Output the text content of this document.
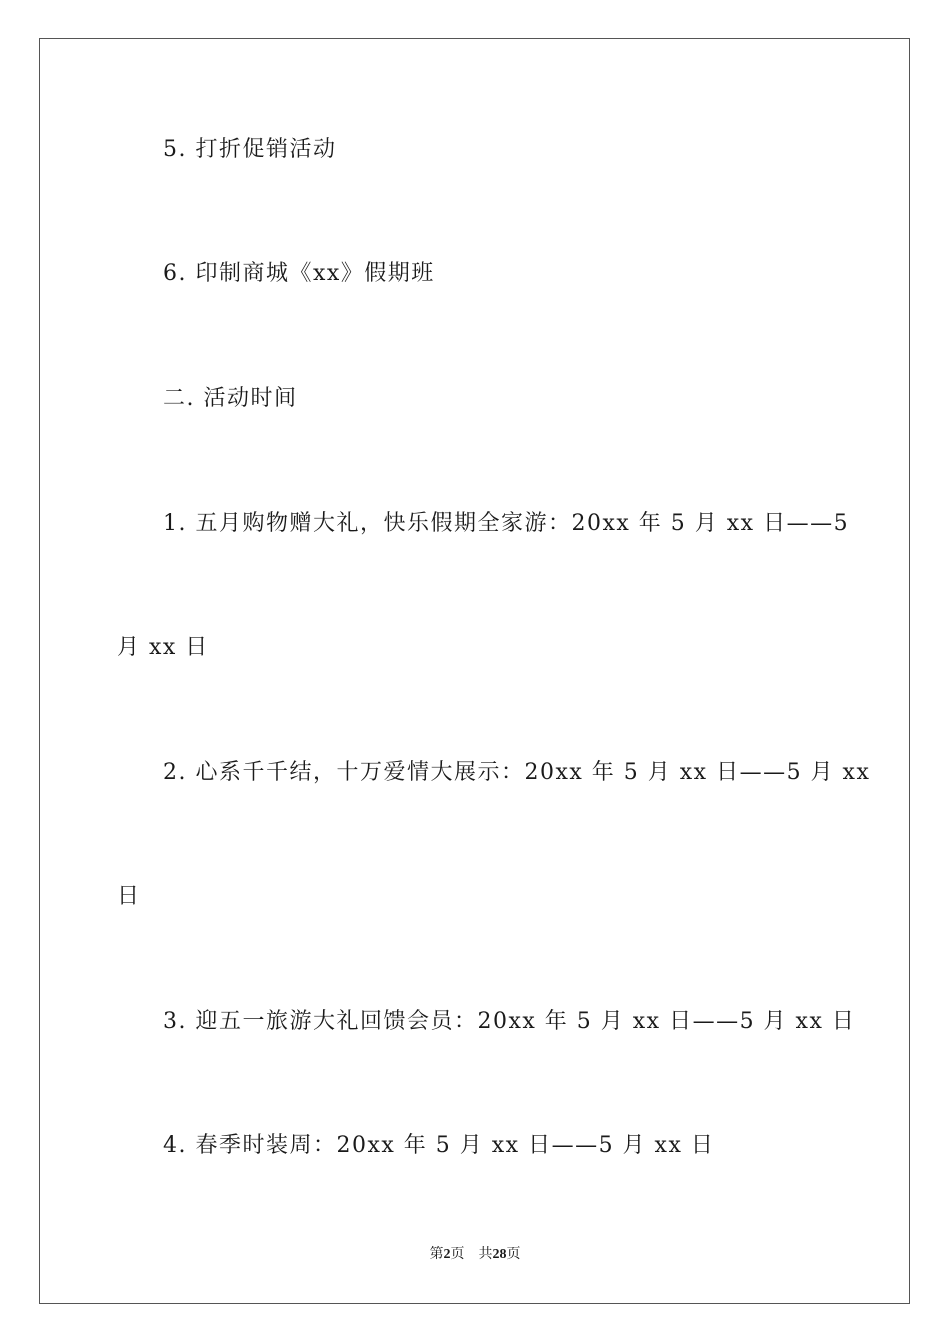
5. 打折促销活动
6. 印制商城《xx》假期班
二. 活动时间
1. 五月购物赠大礼，快乐假期全家游：20xx 年 5 月 xx 日——5
月 xx 日
2. 心系千千结，十万爱情大展示：20xx 年 5 月 xx 日——5 月 xx
日
3. 迎五一旅游大礼回馈会员：20xx 年 5 月 xx 日——5 月 xx 日
4. 春季时装周：20xx 年 5 月 xx 日——5 月 xx 日
第2页 共28页
